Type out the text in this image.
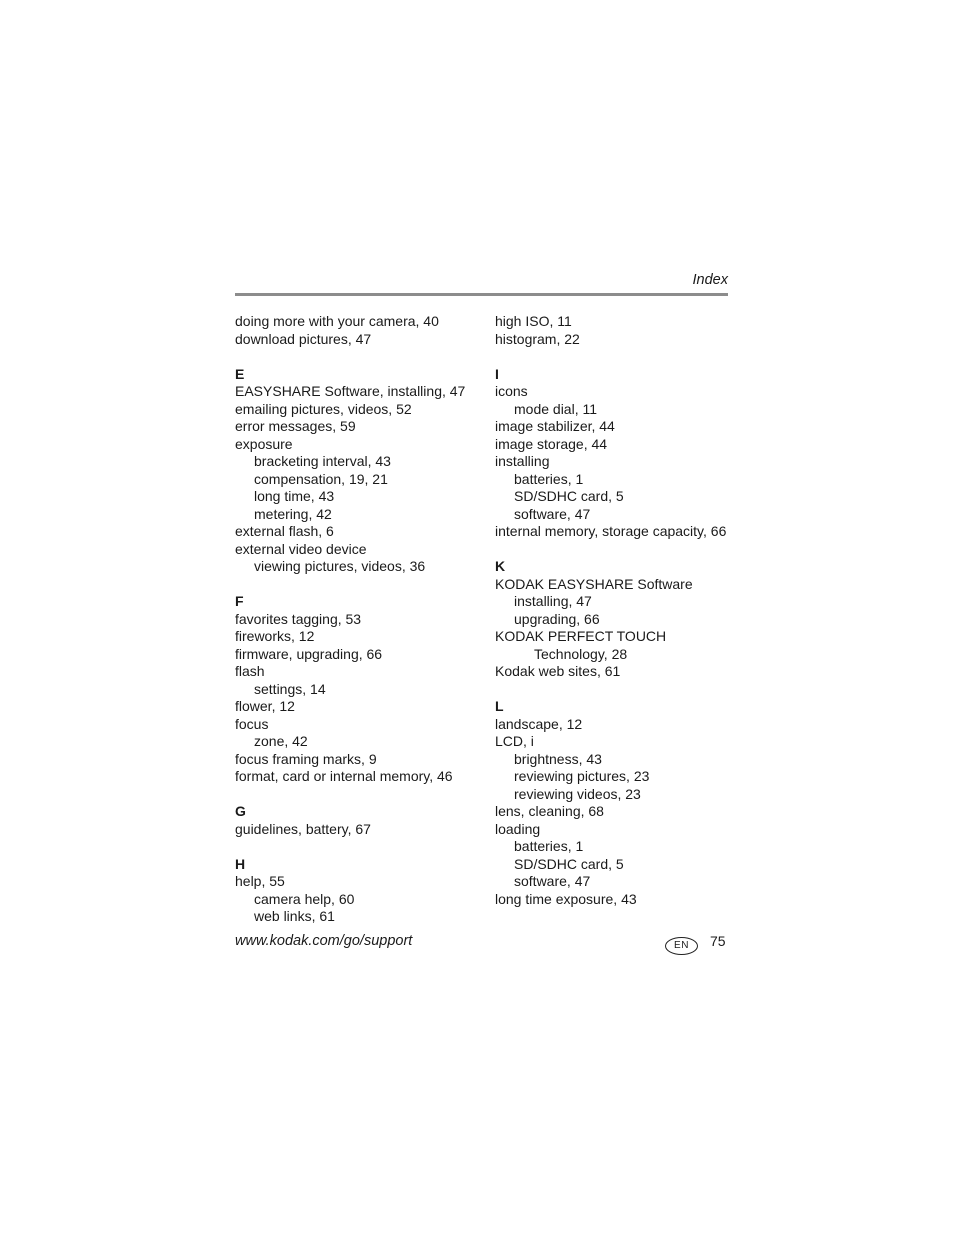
Index
doing more with your camera, 40
download pictures, 47
E
EASYSHARE Software, installing, 47
emailing pictures, videos, 52
error messages, 59
exposure
bracketing interval, 43
compensation, 19, 21
long time, 43
metering, 42
external flash, 6
external video device
viewing pictures, videos, 36
F
favorites tagging, 53
fireworks, 12
firmware, upgrading, 66
flash
settings, 14
flower, 12
focus
zone, 42
focus framing marks, 9
format, card or internal memory, 46
G
guidelines, battery, 67
H
help, 55
camera help, 60
web links, 61
high ISO, 11
histogram, 22
I
icons
mode dial, 11
image stabilizer, 44
image storage, 44
installing
batteries, 1
SD/SDHC card, 5
software, 47
internal memory, storage capacity, 66
K
KODAK EASYSHARE Software
installing, 47
upgrading, 66
KODAK PERFECT TOUCH
Technology, 28
Kodak web sites, 61
L
landscape, 12
LCD, i
brightness, 43
reviewing pictures, 23
reviewing videos, 23
lens, cleaning, 68
loading
batteries, 1
SD/SDHC card, 5
software, 47
long time exposure, 43
www.kodak.com/go/support	EN	75
